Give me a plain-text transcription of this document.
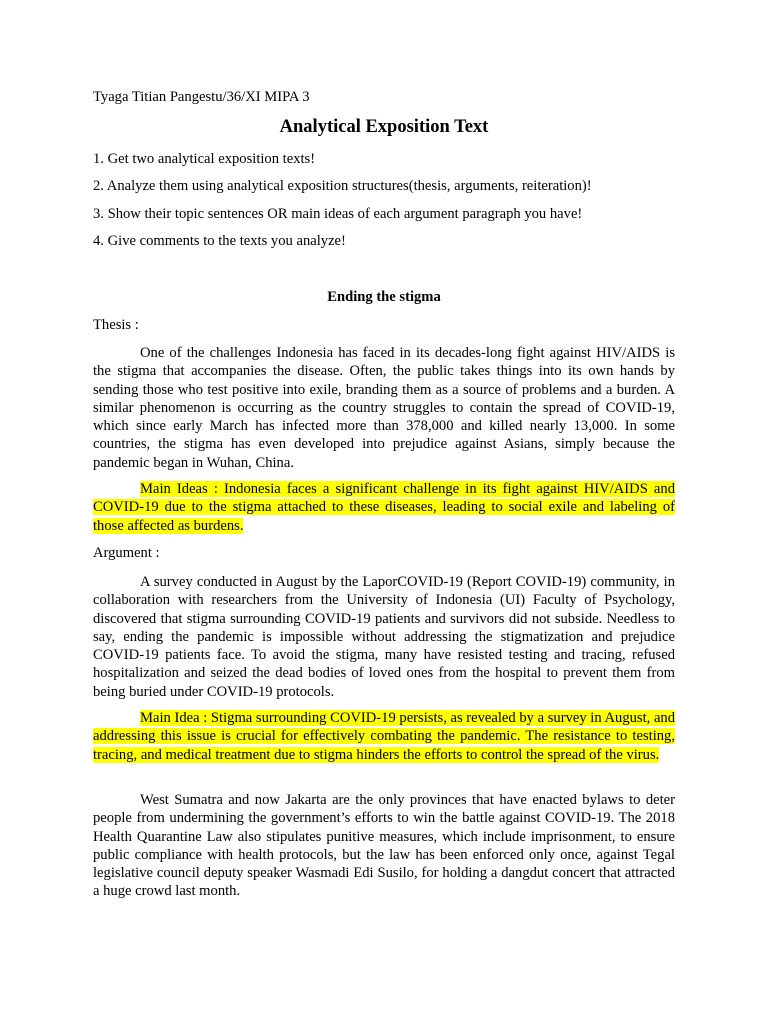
Tyaga Titian Pangestu/36/XI MIPA 3
Analytical Exposition Text
1. Get two analytical exposition texts!
2. Analyze them using analytical exposition structures(thesis, arguments, reiteration)!
3. Show their topic sentences OR main ideas of each argument paragraph you have!
4. Give comments to the texts you analyze!
Ending the stigma
Thesis :
One of the challenges Indonesia has faced in its decades-long fight against HIV/AIDS is the stigma that accompanies the disease. Often, the public takes things into its own hands by sending those who test positive into exile, branding them as a source of problems and a burden. A similar phenomenon is occurring as the country struggles to contain the spread of COVID-19, which since early March has infected more than 378,000 and killed nearly 13,000. In some countries, the stigma has even developed into prejudice against Asians, simply because the pandemic began in Wuhan, China.
Main Ideas : Indonesia faces a significant challenge in its fight against HIV/AIDS and COVID-19 due to the stigma attached to these diseases, leading to social exile and labeling of those affected as burdens.
Argument :
A survey conducted in August by the LaporCOVID-19 (Report COVID-19) community, in collaboration with researchers from the University of Indonesia (UI) Faculty of Psychology, discovered that stigma surrounding COVID-19 patients and survivors did not subside. Needless to say, ending the pandemic is impossible without addressing the stigmatization and prejudice COVID-19 patients face. To avoid the stigma, many have resisted testing and tracing, refused hospitalization and seized the dead bodies of loved ones from the hospital to prevent them from being buried under COVID-19 protocols.
Main Idea : Stigma surrounding COVID-19 persists, as revealed by a survey in August, and addressing this issue is crucial for effectively combating the pandemic. The resistance to testing, tracing, and medical treatment due to stigma hinders the efforts to control the spread of the virus.
West Sumatra and now Jakarta are the only provinces that have enacted bylaws to deter people from undermining the government’s efforts to win the battle against COVID-19. The 2018 Health Quarantine Law also stipulates punitive measures, which include imprisonment, to ensure public compliance with health protocols, but the law has been enforced only once, against Tegal legislative council deputy speaker Wasmadi Edi Susilo, for holding a dangdut concert that attracted a huge crowd last month.
